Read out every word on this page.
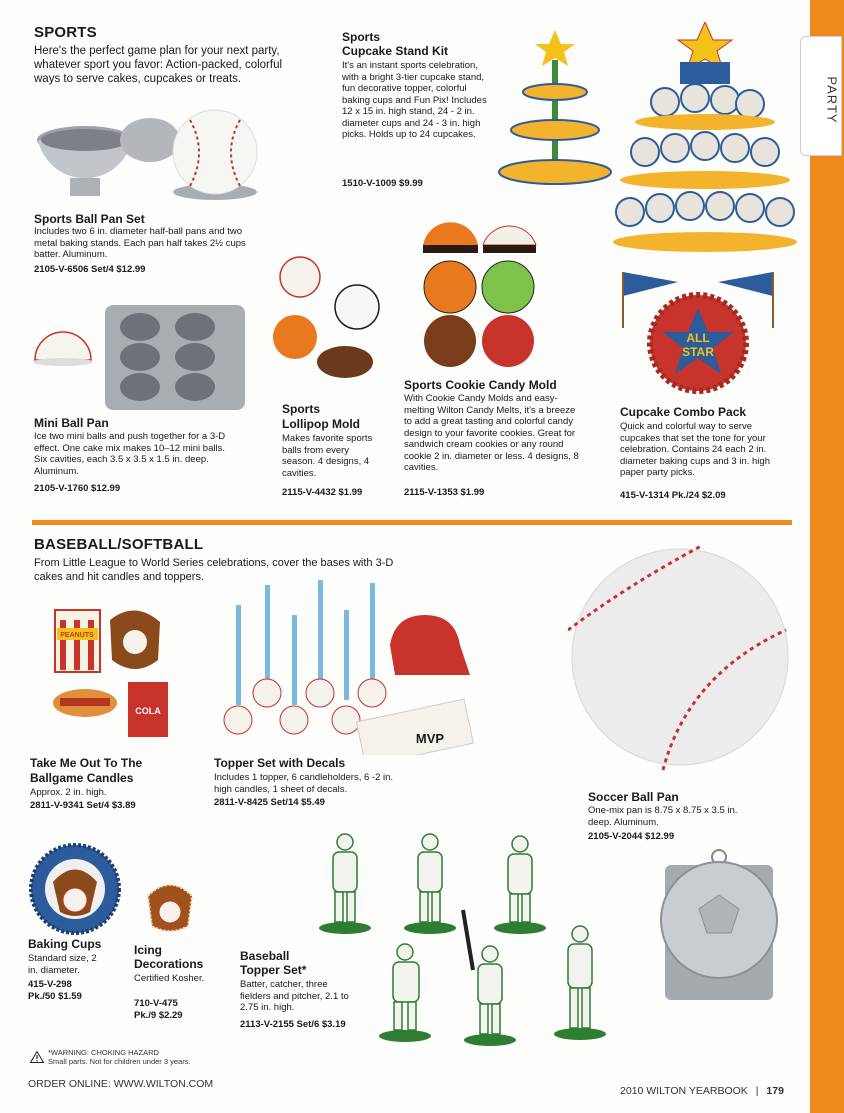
PARTY
SPORTS
Here's the perfect game plan for your next party, whatever sport you favor: Action-packed, colorful ways to serve cakes, cupcakes or treats.
Sports Ball Pan Set
Includes two 6 in. diameter half-ball pans and two metal baking stands. Each pan half takes 2½ cups batter. Aluminum.
2105-V-6506 Set/4 $12.99
Sports
Cupcake Stand Kit
It's an instant sports celebration, with a bright 3-tier cupcake stand, fun decorative topper, colorful baking cups and Fun Pix! Includes 12 x 15 in. high stand, 24 - 2 in. diameter cups and 24 - 3 in. high picks. Holds up to 24 cupcakes.
1510-V-1009 $9.99
Mini Ball Pan
Ice two mini balls and push together for a 3-D effect. One cake mix makes 10–12 mini balls. Six cavities, each 3.5 x 3.5 x 1.5 in. deep. Aluminum.
2105-V-1760 $12.99
Sports
Lollipop Mold
Makes favorite sports balls from every season. 4 designs, 4 cavities.
2115-V-4432 $1.99
Sports Cookie Candy Mold
With Cookie Candy Molds and easy-melting Wilton Candy Melts, it's a breeze to add a great tasting and colorful candy design to your favorite cookies. Great for sandwich cream cookies or any round cookie 2 in. diameter or less. 4 designs, 8 cavities.
2115-V-1353 $1.99
ALL
STAR
Cupcake Combo Pack
Quick and colorful way to serve cupcakes that set the tone for your celebration. Contains 24 each 2 in. diameter baking cups and 3 in. high paper party picks.
415-V-1314 Pk./24 $2.09
BASEBALL/SOFTBALL
From Little League to World Series celebrations, cover the bases with 3-D cakes and hit candles and toppers.
PEANUTS
COLA
Take Me Out To The
Ballgame Candles
Approx. 2 in. high.
2811-V-9341 Set/4 $3.89
MVP
Topper Set with Decals
Includes 1 topper, 6 candleholders, 6 -2 in. high candles, 1 sheet of decals.
2811-V-8425 Set/14 $5.49	Soccer Ball Pan
One-mix pan is 8.75 x 8.75 x 3.5 in. deep. Aluminum.
2105-V-2044 $12.99
Baking Cups
Standard size, 2 in. diameter.
415-V-298
Pk./50 $1.59
Icing
Decorations
Certified Kosher.
710-V-475
Pk./9 $2.29
Baseball
Topper Set*
Batter, catcher, three fielders and pitcher, 2.1 to 2.75 in. high.
2113-V-2155 Set/6 $3.19
*WARNING: CHOKING HAZARD
Small parts. Not for children under 3 years.
ORDER ONLINE: WWW.WILTON.COM
2010 WILTON YEARBOOK | 179
